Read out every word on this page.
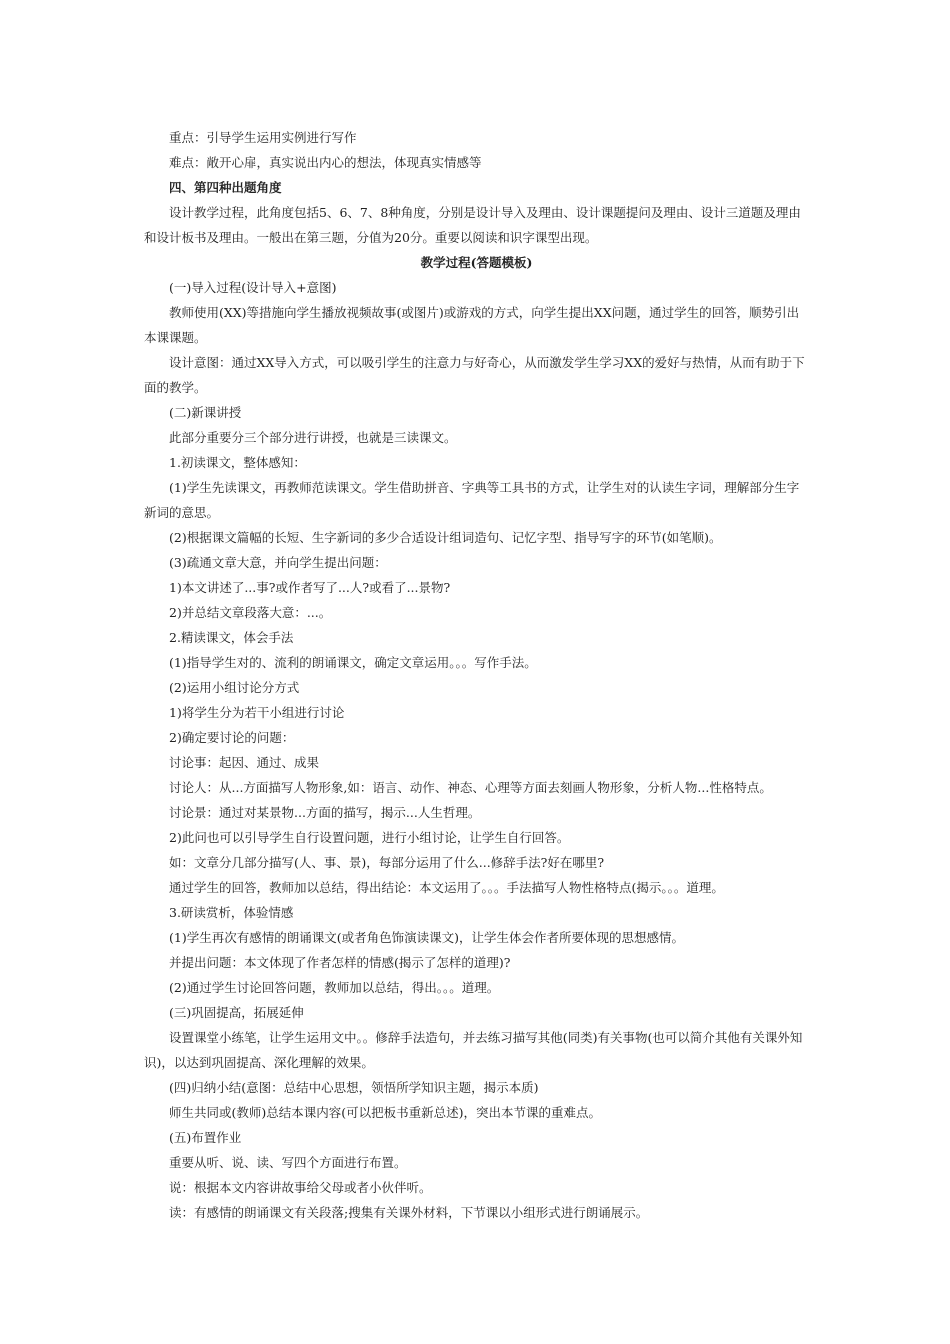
重点：引导学生运用实例进行写作

难点：敞开心扉，真实说出内心的想法，体现真实情感等

四、第四种出题角度

设计教学过程，此角度包括5、6、7、8种角度，分别是设计导入及理由、设计课题提问及理由、设计三道题及理由和设计板书及理由。一般出在第三题，分值为20分。重要以阅读和识字课型出现。

教学过程(答题模板)

(一)导入过程(设计导入+意图)

教师使用(XX)等措施向学生播放视频故事(或图片)或游戏的方式，向学生提出XX问题，通过学生的回答，顺势引出本课课题。

设计意图：通过XX导入方式，可以吸引学生的注意力与好奇心，从而激发学生学习XX的爱好与热情，从而有助于下面的教学。

(二)新课讲授

此部分重要分三个部分进行讲授，也就是三读课文。

1.初读课文，整体感知：

(1)学生先读课文，再教师范读课文。学生借助拼音、字典等工具书的方式，让学生对的认读生字词，理解部分生字新词的意思。

(2)根据课文篇幅的长短、生字新词的多少合适设计组词造句、记忆字型、指导写字的环节(如笔顺)。

(3)疏通文章大意，并向学生提出问题：

1)本文讲述了...事?或作者写了...人?或看了...景物?

2)并总结文章段落大意：...。

2.精读课文，体会手法

(1)指导学生对的、流利的朗诵课文，确定文章运用。。。写作手法。

(2)运用小组讨论分方式

1)将学生分为若干小组进行讨论

2)确定要讨论的问题：

讨论事：起因、通过、成果

讨论人：从...方面描写人物形象,如：语言、动作、神态、心理等方面去刻画人物形象，分析人物...性格特点。

讨论景：通过对某景物...方面的描写，揭示...人生哲理。

2)此问也可以引导学生自行设置问题，进行小组讨论，让学生自行回答。

如：文章分几部分描写(人、事、景)，每部分运用了什么...修辞手法?好在哪里?

通过学生的回答，教师加以总结，得出结论：本文运用了。。。手法描写人物性格特点(揭示。。。道理。

3.研读赏析，体验情感

(1)学生再次有感情的朗诵课文(或者角色饰演读课文)，让学生体会作者所要体现的思想感情。

并提出问题：本文体现了作者怎样的情感(揭示了怎样的道理)?

(2)通过学生讨论回答问题，教师加以总结，得出。。。道理。

(三)巩固提高，拓展延伸

设置课堂小练笔，让学生运用文中。。修辞手法造句，并去练习描写其他(同类)有关事物(也可以简介其他有关课外知识)，以达到巩固提高、深化理解的效果。

(四)归纳小结(意图：总结中心思想，领悟所学知识主题，揭示本质)

师生共同或(教师)总结本课内容(可以把板书重新总述)，突出本节课的重难点。

(五)布置作业

重要从听、说、读、写四个方面进行布置。

说：根据本文内容讲故事给父母或者小伙伴听。

读：有感情的朗诵课文有关段落;搜集有关课外材料，下节课以小组形式进行朗诵展示。
